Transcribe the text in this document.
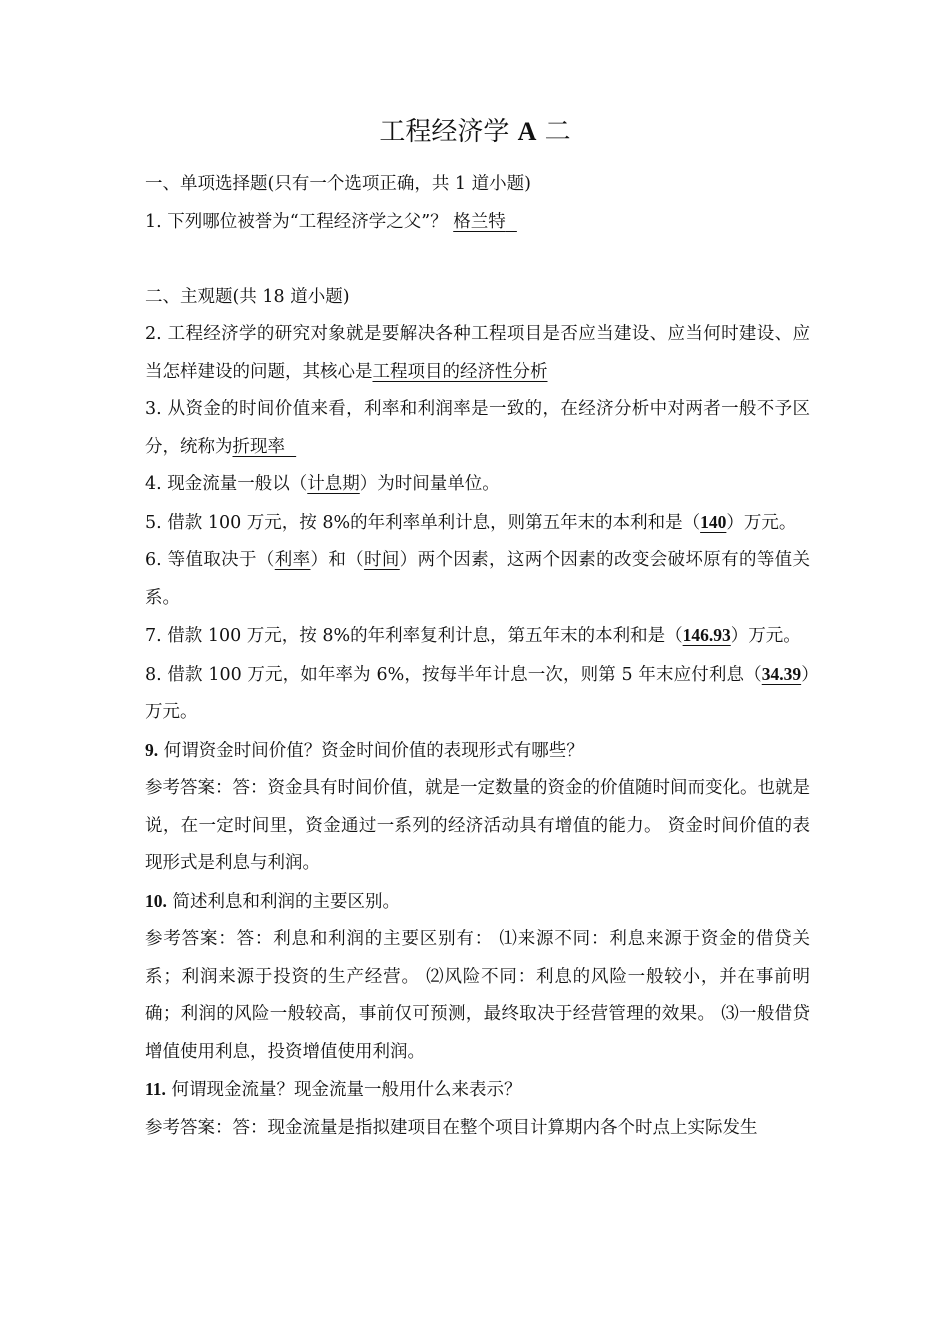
工程经济学 A 二

一、单项选择题(只有一个选项正确，共 1 道小题)

1. 下列哪位被誉为“工程经济学之父”？ 格兰特

二、主观题(共 18 道小题)

2. 工程经济学的研究对象就是要解决各种工程项目是否应当建设、应当何时建设、应当怎样建设的问题，其核心是工程项目的经济性分析

3. 从资金的时间价值来看，利率和利润率是一致的，在经济分析中对两者一般不予区分，统称为折现率

4. 现金流量一般以（计息期）为时间量单位。

5. 借款 100 万元，按 8%的年利率单利计息，则第五年末的本利和是（140）万元。

6. 等值取决于（利率）和（时间）两个因素，这两个因素的改变会破坏原有的等值关系。

7. 借款 100 万元，按 8%的年利率复利计息，第五年末的本利和是（146.93）万元。

8. 借款 100 万元，如年率为 6%，按每半年计息一次，则第 5 年末应付利息（34.39）万元。

9. 何谓资金时间价值？资金时间价值的表现形式有哪些？

参考答案：答：资金具有时间价值，就是一定数量的资金的价值随时间而变化。也就是说，在一定时间里，资金通过一系列的经济活动具有增值的能力。 资金时间价值的表现形式是利息与利润。

10. 简述利息和利润的主要区别。

参考答案：答：利息和利润的主要区别有： ⑴来源不同：利息来源于资金的借贷关系；利润来源于投资的生产经营。 ⑵风险不同：利息的风险一般较小，并在事前明确；利润的风险一般较高，事前仅可预测，最终取决于经营管理的效果。 ⑶一般借贷增值使用利息，投资增值使用利润。

11. 何谓现金流量？现金流量一般用什么来表示？

参考答案：答：现金流量是指拟建项目在整个项目计算期内各个时点上实际发生
